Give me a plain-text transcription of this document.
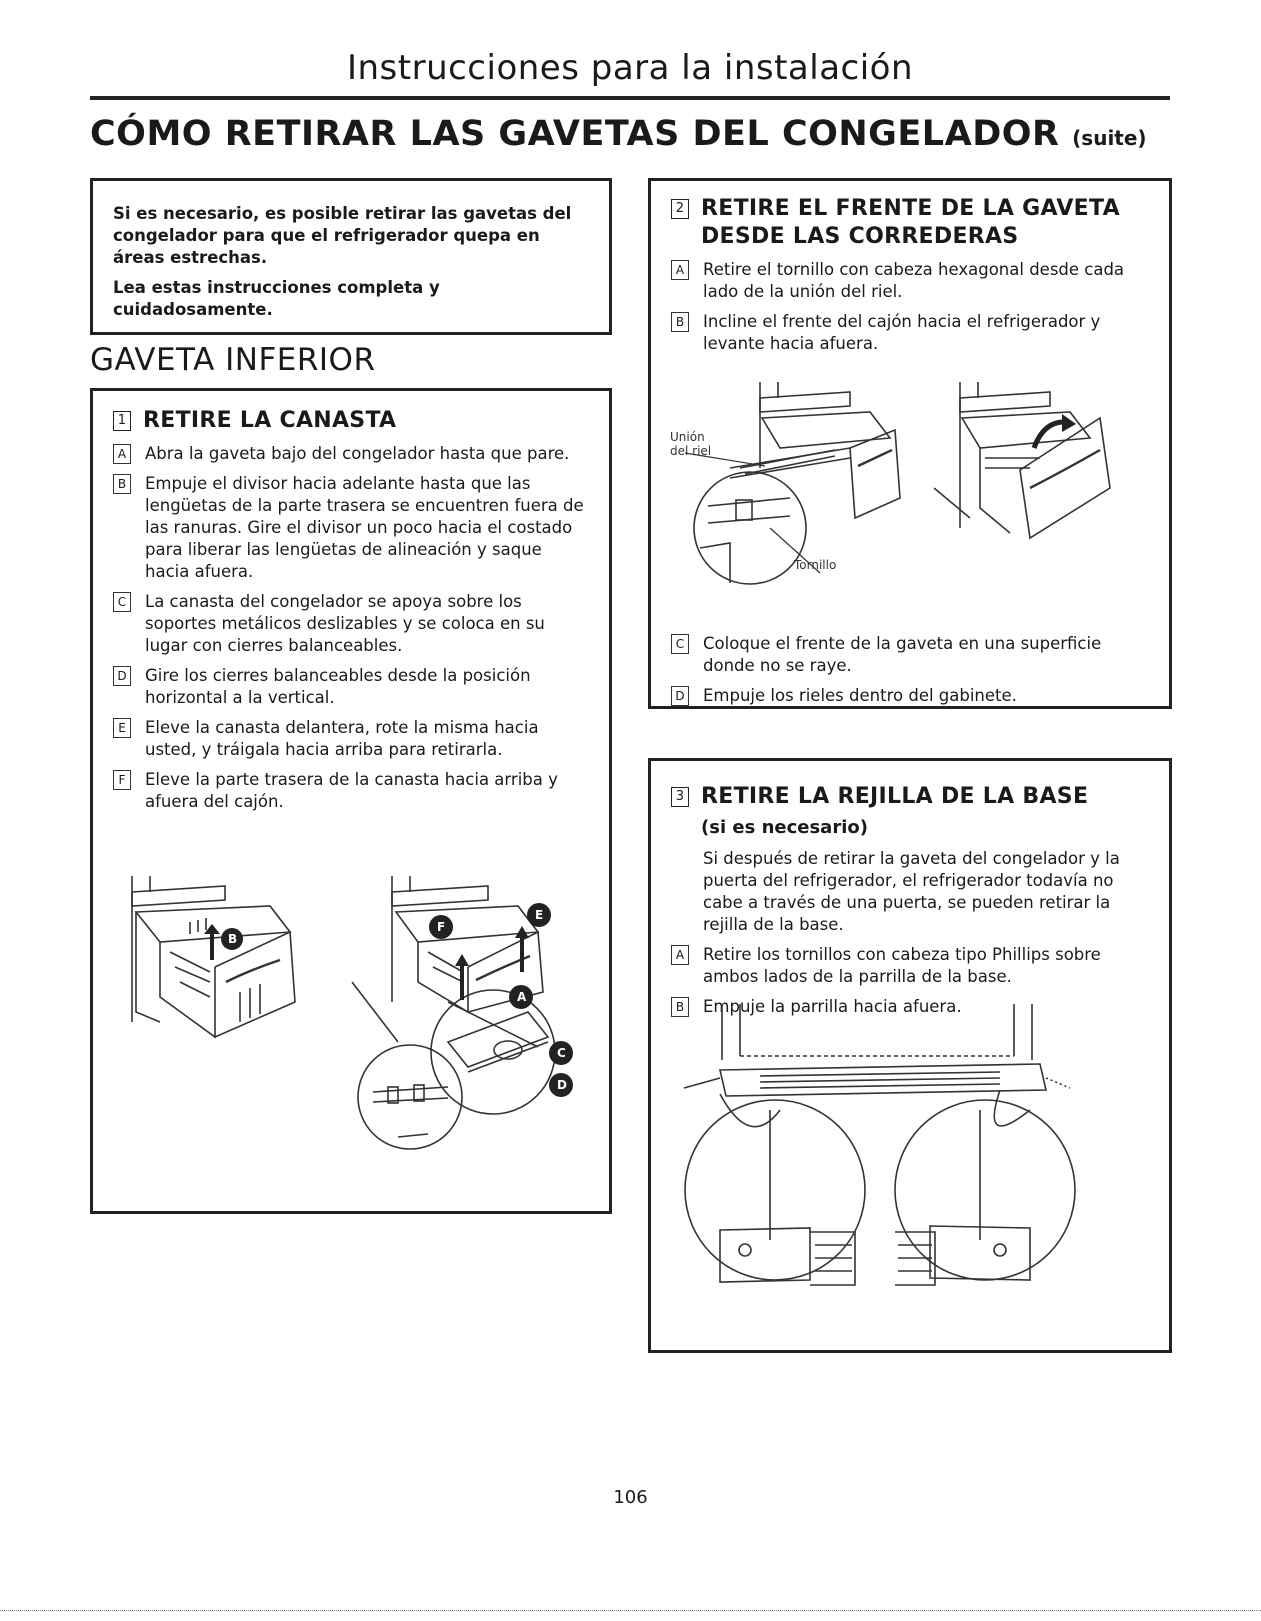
Instrucciones para la instalación
CÓMO RETIRAR LAS GAVETAS DEL CONGELADOR (suite)

Si es necesario, es posible retirar las gavetas del congelador para que el refrigerador quepa en áreas estrechas.

Lea estas instrucciones completa y cuidadosamente.

GAVETA INFERIOR
1 RETIRE LA CANASTA
A Abra la gaveta bajo del congelador hasta que pare.
B Empuje el divisor hacia adelante hasta que las lengüetas de la parte trasera se encuentren fuera de las ranuras. Gire el divisor un poco hacia el costado para liberar las lengüetas de alineación y saque hacia afuera.
C La canasta del congelador se apoya sobre los soportes metálicos deslizables y se coloca en su lugar con cierres balanceables.
D Gire los cierres balanceables desde la posición horizontal a la vertical.
E	Eleve la canasta delantera, rote la misma hacia usted, y tráigala hacia arriba para retirarla.
F	Eleve la parte trasera de la canasta hacia arriba y afuera del cajón.
B
F
E
A
C
D
2 RETIRE EL FRENTE DE LA GAVETA DESDE LAS CORREDERAS
A Retire el tornillo con cabeza hexagonal desde cada lado de la unión del riel.
B Incline el frente del cajón hacia el refrigerador y levante hacia afuera.
C Coloque el frente de la gaveta en una superficie donde no se raye.
D Empuje los rieles dentro del gabinete.
Unión
del riel
Tornillo
3 RETIRE LA REJILLA DE LA BASE
(si es necesario)
Si después de retirar la gaveta del congelador y la puerta del refrigerador, el refrigerador todavía no cabe a través de una puerta, se pueden retirar la rejilla de la base.
A Retire los tornillos con cabeza tipo Phillips sobre ambos lados de la parrilla de la base.
B Empuje la parrilla hacia afuera.
106
